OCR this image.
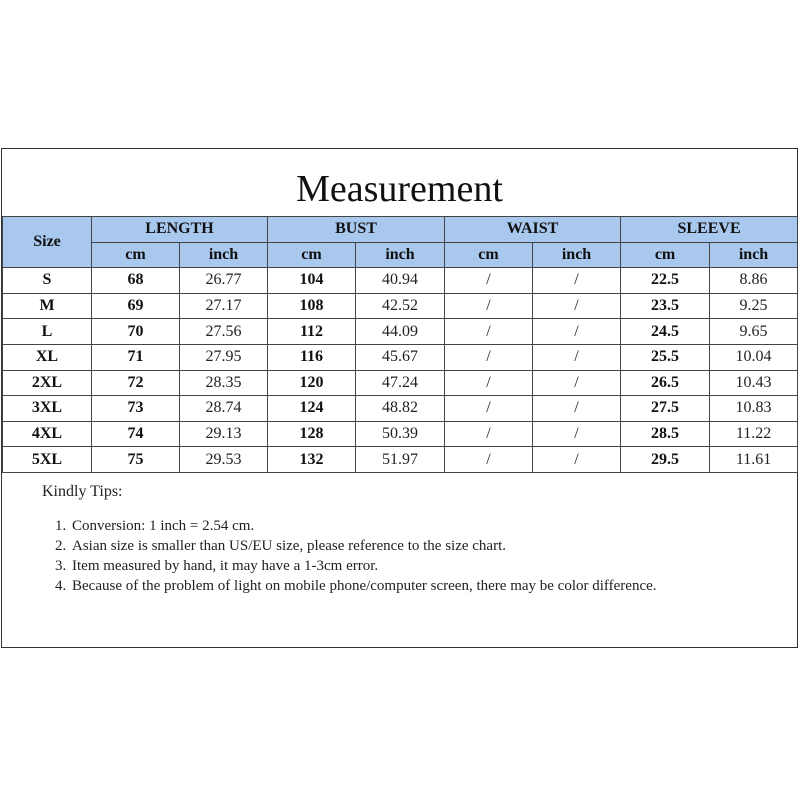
Measurement
Size	LENGTH		BUST		WAIST		SLEEVE	
	cm	inch	cm	inch	cm	inch	cm	inch
S	68	26.77	104	40.94	/	/	22.5	8.86
M	69	27.17	108	42.52	/	/	23.5	9.25
L	70	27.56	112	44.09	/	/	24.5	9.65
XL	71	27.95	116	45.67	/	/	25.5	10.04
2XL	72	28.35	120	47.24	/	/	26.5	10.43
3XL	73	28.74	124	48.82	/	/	27.5	10.83
4XL	74	29.13	128	50.39	/	/	28.5	11.22
5XL	75	29.53	132	51.97	/	/	29.5	11.61
Kindly Tips:
1. Conversion: 1 inch = 2.54 cm.
2. Asian size is smaller than US/EU size, please reference to the size chart.
3. Item measured by hand, it may have a 1-3cm error.
4. Because of the problem of light on mobile phone/computer screen, there may be color difference.
